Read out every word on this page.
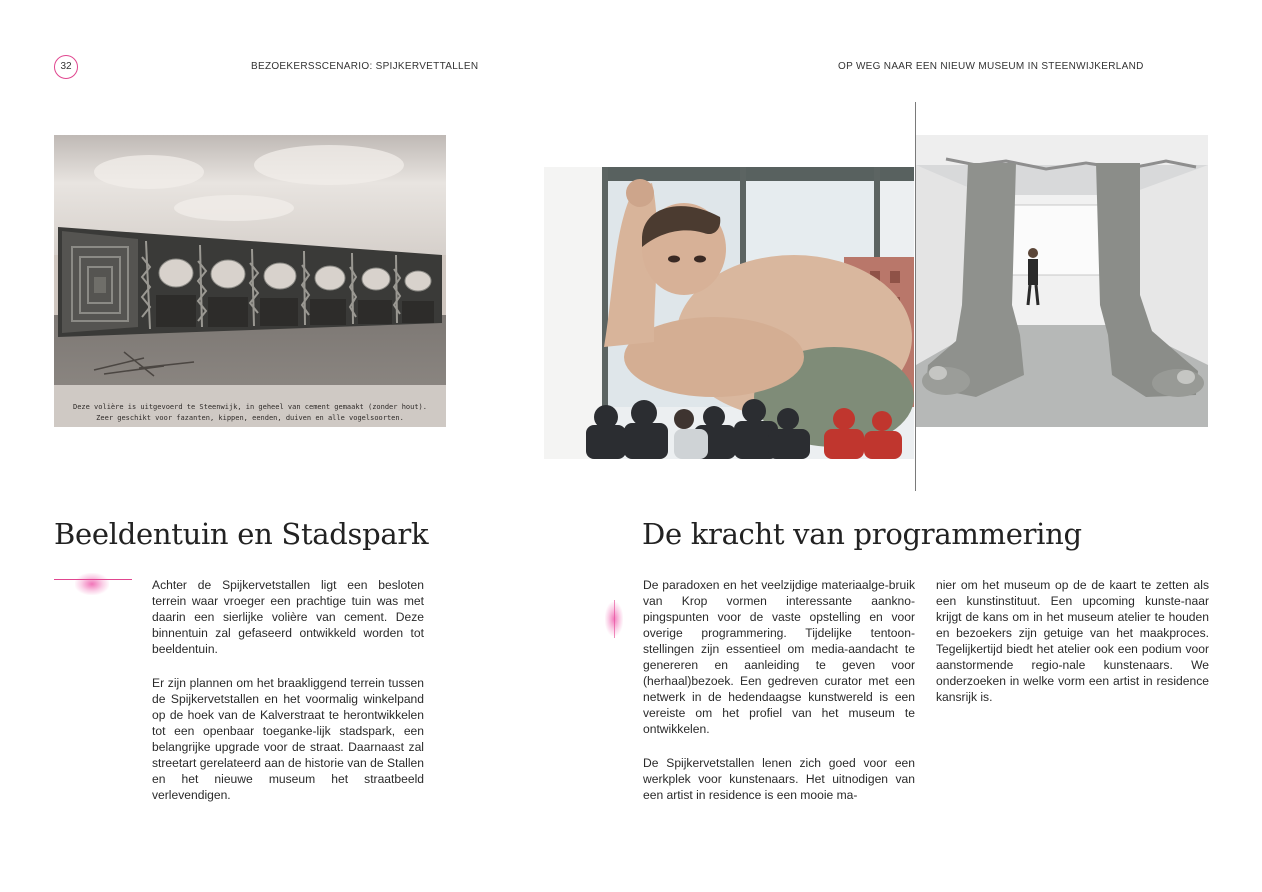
32	BEZOEKERSSCENARIO: SPIJKERVETTALLEN	OP WEG NAAR EEN NIEUW MUSEUM IN STEENWIJKERLAND
Deze volière is uitgevoerd te Steenwijk, in geheel van cement gemaakt (zonder hout).
Zeer geschikt voor fazanten, kippen, eenden, duiven en alle vogelsoorten.
Beeldentuin en Stadspark	De kracht van programmering

Achter de Spijkervetstallen ligt een besloten terrein waar vroeger een prachtige tuin was met daarin een sierlijke volière van cement. Deze binnentuin zal gefaseerd ontwikkeld worden tot beeldentuin.

Er zijn plannen om het braakliggend terrein tussen de Spijkervetstallen en het voormalig winkelpand op de hoek van de Kalverstraat te herontwikkelen tot een openbaar toeganke-lijk stadspark, een belangrijke upgrade voor de straat. Daarnaast zal streetart gerelateerd aan de historie van de Stallen en het nieuwe museum het straatbeeld verlevendigen.

De paradoxen en het veelzijdige materiaalge-bruik van Krop vormen interessante aankno-pingspunten voor de vaste opstelling en voor overige programmering. Tijdelijke tentoon-stellingen zijn essentieel om media-aandacht te genereren en aanleiding te geven voor (herhaal)bezoek. Een gedreven curator met een netwerk in de hedendaagse kunstwereld is een vereiste om het profiel van het museum te ontwikkelen.

De Spijkervetstallen lenen zich goed voor een werkplek voor kunstenaars. Het uitnodigen van een artist in residence is een mooie ma-

nier om het museum op de de kaart te zetten als een kunstinstituut. Een upcoming kunste-naar krijgt de kans om in het museum atelier te houden en bezoekers zijn getuige van het maakproces. Tegelijkertijd biedt het atelier ook een podium voor aanstormende regio-nale kunstenaars. We onderzoeken in welke vorm een artist in residence kansrijk is.
